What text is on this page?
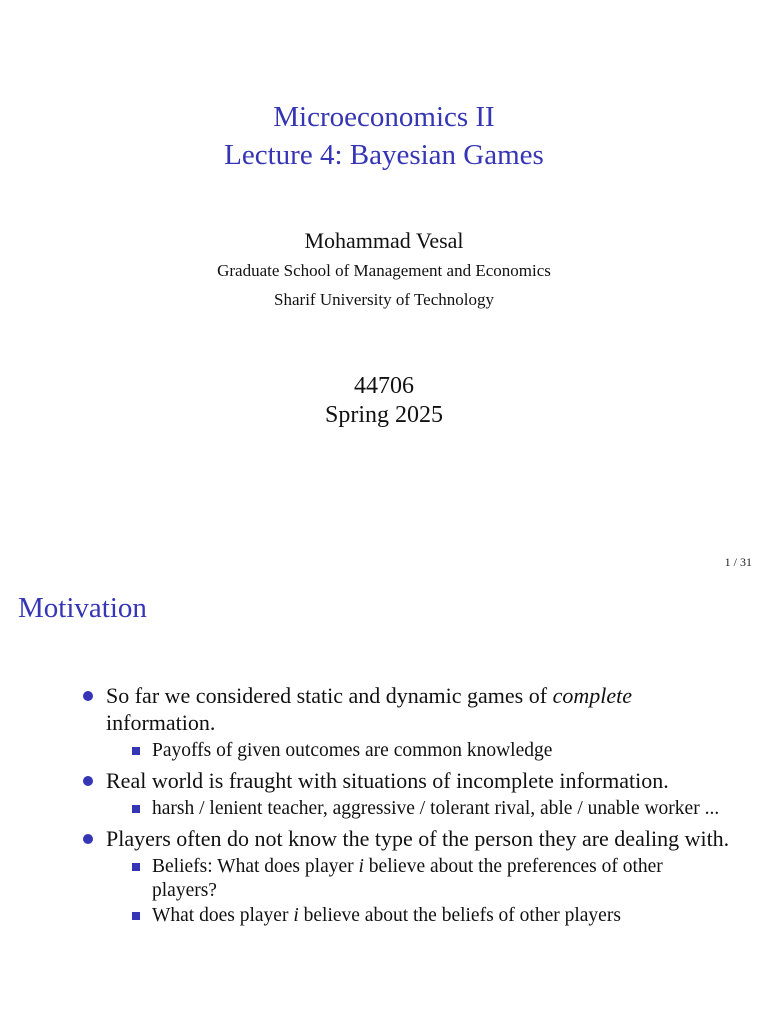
Microeconomics II
Lecture 4: Bayesian Games
Mohammad Vesal
Graduate School of Management and Economics
Sharif University of Technology
44706
Spring 2025
1 / 31
Motivation
So far we considered static and dynamic games of complete information.
Payoffs of given outcomes are common knowledge
Real world is fraught with situations of incomplete information.
harsh / lenient teacher, aggressive / tolerant rival, able / unable worker ...
Players often do not know the type of the person they are dealing with.
Beliefs: What does player i believe about the preferences of other players?
What does player i believe about the beliefs of other players
